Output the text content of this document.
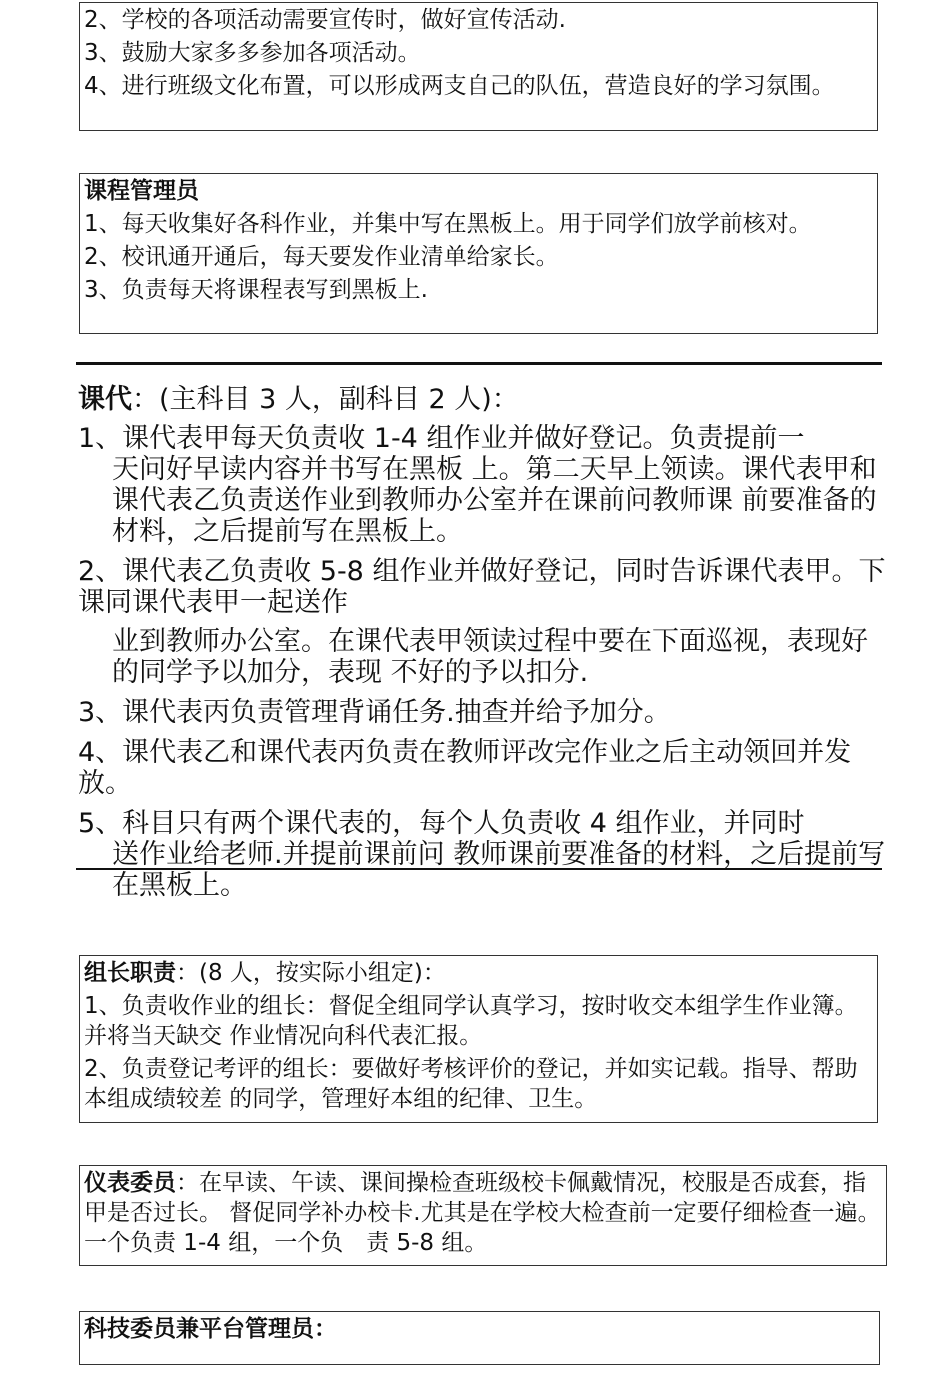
2、学校的各项活动需要宣传时，做好宣传活动.

3、鼓励大家多多参加各项活动。

4、进行班级文化布置，可以形成两支自己的队伍，营造良好的学习氛围。

课程管理员

1、每天收集好各科作业，并集中写在黑板上。用于同学们放学前核对。

2、校讯通开通后，每天要发作业清单给家长。

3、负责每天将课程表写到黑板上.

课代：(主科目 3 人，副科目 2 人)：

1、课代表甲每天负责收 1-4 组作业并做好登记。负责提前一

天问好早读内容并书写在黑板 上。第二天早上领读。课代表甲和课代表乙负责送作业到教师办公室并在课前问教师课 前要准备的材料，之后提前写在黑板上。

2、课代表乙负责收 5-8 组作业并做好登记，同时告诉课代表甲。下课同课代表甲一起送作

业到教师办公室。在课代表甲领读过程中要在下面巡视，表现好的同学予以加分，表现 不好的予以扣分.

3、课代表丙负责管理背诵任务.抽查并给予加分。

4、课代表乙和课代表丙负责在教师评改完作业之后主动领回并发放。

5、科目只有两个课代表的，每个人负责收 4 组作业，并同时

送作业给老师.并提前课前问 教师课前要准备的材料，之后提前写在黑板上。

组长职责：(8 人，按实际小组定)：

1、负责收作业的组长：督促全组同学认真学习，按时收交本组学生作业簿。并将当天缺交 作业情况向科代表汇报。

2、负责登记考评的组长：要做好考核评价的登记，并如实记载。指导、帮助本组成绩较差 的同学，管理好本组的纪律、卫生。

仪表委员：在早读、午读、课间操检查班级校卡佩戴情况，校服是否成套，指甲是否过长。 督促同学补办校卡.尤其是在学校大检查前一定要仔细检查一遍。一个负责 1-4 组，一个负　责 5-8 组。

科技委员兼平台管理员：
